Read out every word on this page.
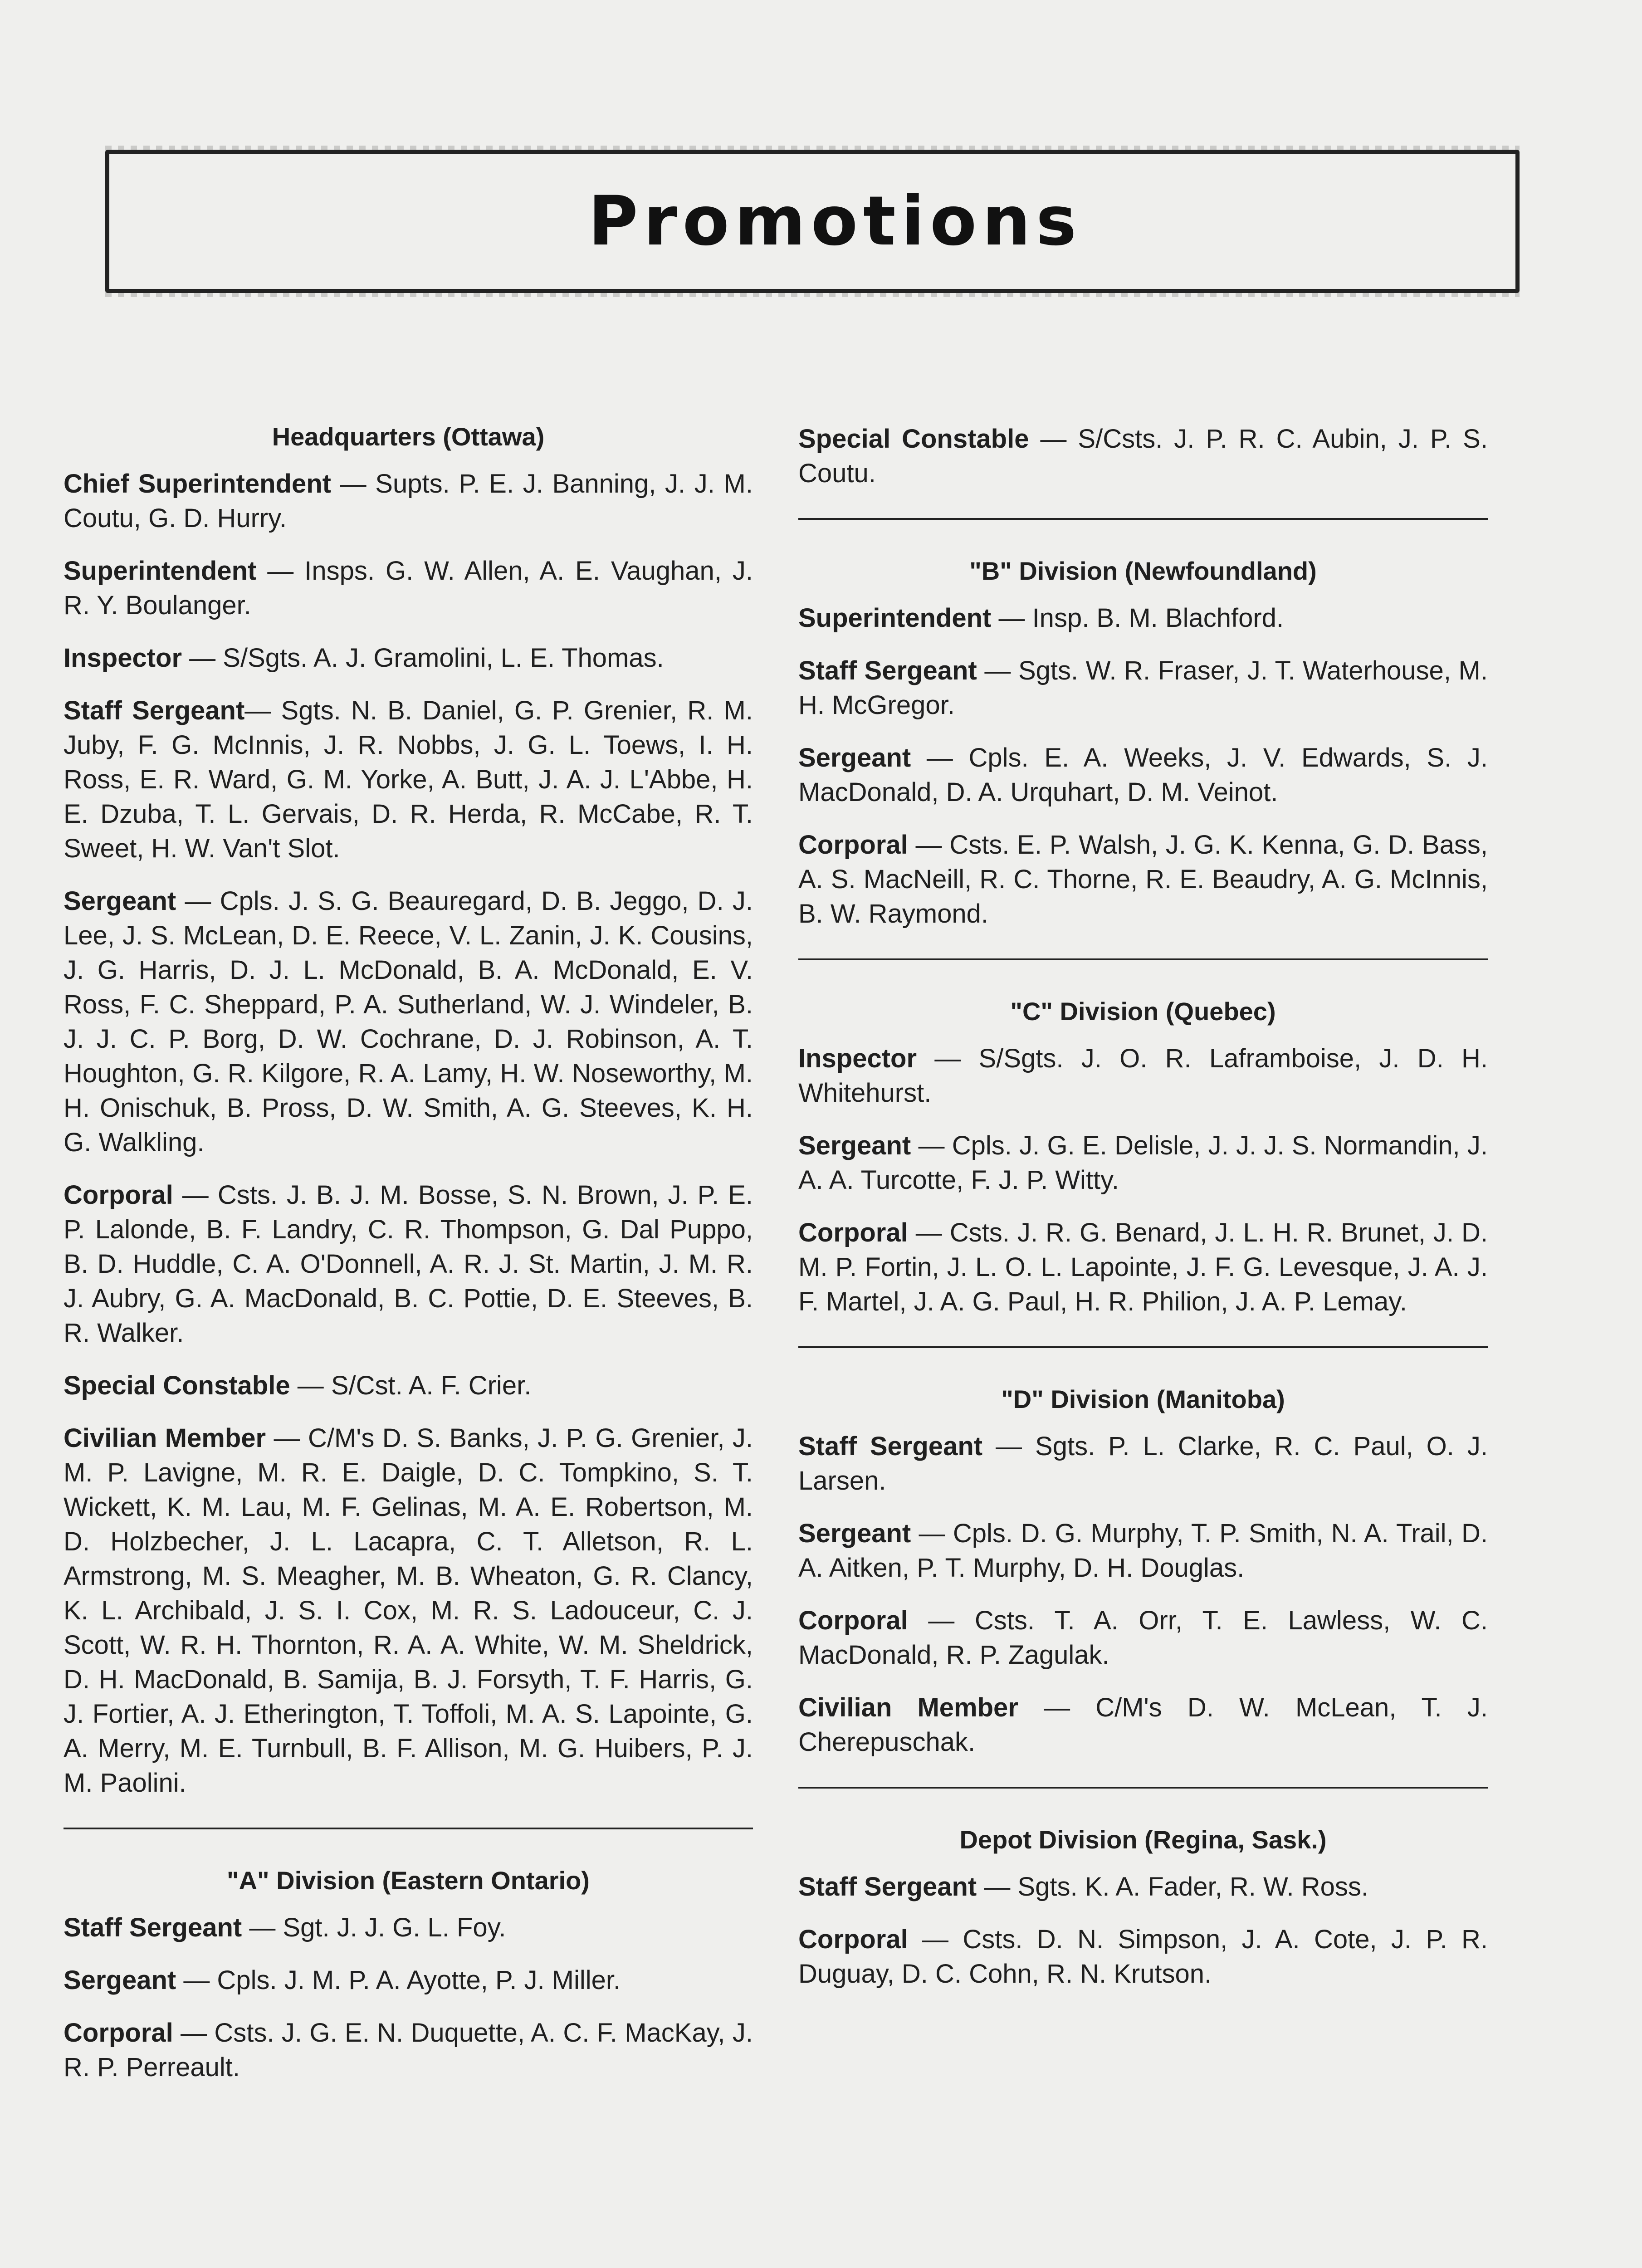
Promotions
Headquarters (Ottawa)
Chief Superintendent — Supts. P. E. J. Banning, J. J. M. Coutu, G. D. Hurry.
Superintendent — Insps. G. W. Allen, A. E. Vaughan, J. R. Y. Boulanger.
Inspector — S/Sgts. A. J. Gramolini, L. E. Thomas.
Staff Sergeant— Sgts. N. B. Daniel, G. P. Grenier, R. M. Juby, F. G. McInnis, J. R. Nobbs, J. G. L. Toews, I. H. Ross, E. R. Ward, G. M. Yorke, A. Butt, J. A. J. L'Abbe, H. E. Dzuba, T. L. Gervais, D. R. Herda, R. McCabe, R. T. Sweet, H. W. Van't Slot.
Sergeant — Cpls. J. S. G. Beauregard, D. B. Jeggo, D. J. Lee, J. S. McLean, D. E. Reece, V. L. Zanin, J. K. Cousins, J. G. Harris, D. J. L. McDonald, B. A. McDonald, E. V. Ross, F. C. Sheppard, P. A. Sutherland, W. J. Windeler, B. J. J. C. P. Borg, D. W. Cochrane, D. J. Robinson, A. T. Houghton, G. R. Kilgore, R. A. Lamy, H. W. Noseworthy, M. H. Onischuk, B. Pross, D. W. Smith, A. G. Steeves, K. H. G. Walkling.
Corporal — Csts. J. B. J. M. Bosse, S. N. Brown, J. P. E. P. Lalonde, B. F. Landry, C. R. Thompson, G. Dal Puppo, B. D. Huddle, C. A. O'Donnell, A. R. J. St. Martin, J. M. R. J. Aubry, G. A. MacDonald, B. C. Pottie, D. E. Steeves, B. R. Walker.
Special Constable — S/Cst. A. F. Crier.
Civilian Member — C/M's D. S. Banks, J. P. G. Grenier, J. M. P. Lavigne, M. R. E. Daigle, D. C. Tompkino, S. T. Wickett, K. M. Lau, M. F. Gelinas, M. A. E. Robertson, M. D. Holzbecher, J. L. Lacapra, C. T. Alletson, R. L. Armstrong, M. S. Meagher, M. B. Wheaton, G. R. Clancy, K. L. Archibald, J. S. I. Cox, M. R. S. Ladouceur, C. J. Scott, W. R. H. Thornton, R. A. A. White, W. M. Sheldrick, D. H. MacDonald, B. Samija, B. J. Forsyth, T. F. Harris, G. J. Fortier, A. J. Etherington, T. Toffoli, M. A. S. Lapointe, G. A. Merry, M. E. Turnbull, B. F. Allison, M. G. Huibers, P. J. M. Paolini.
"A" Division (Eastern Ontario)
Staff Sergeant — Sgt. J. J. G. L. Foy.
Sergeant — Cpls. J. M. P. A. Ayotte, P. J. Miller.
Corporal — Csts. J. G. E. N. Duquette, A. C. F. MacKay, J. R. P. Perreault.
Special Constable — S/Csts. J. P. R. C. Aubin, J. P. S. Coutu.
"B" Division (Newfoundland)
Superintendent — Insp. B. M. Blachford.
Staff Sergeant — Sgts. W. R. Fraser, J. T. Waterhouse, M. H. McGregor.
Sergeant — Cpls. E. A. Weeks, J. V. Edwards, S. J. MacDonald, D. A. Urquhart, D. M. Veinot.
Corporal — Csts. E. P. Walsh, J. G. K. Kenna, G. D. Bass, A. S. MacNeill, R. C. Thorne, R. E. Beaudry, A. G. McInnis, B. W. Raymond.
"C" Division (Quebec)
Inspector — S/Sgts. J. O. R. Laframboise, J. D. H. Whitehurst.
Sergeant — Cpls. J. G. E. Delisle, J. J. J. S. Normandin, J. A. A. Turcotte, F. J. P. Witty.
Corporal — Csts. J. R. G. Benard, J. L. H. R. Brunet, J. D. M. P. Fortin, J. L. O. L. Lapointe, J. F. G. Levesque, J. A. J. F. Martel, J. A. G. Paul, H. R. Philion, J. A. P. Lemay.
"D" Division (Manitoba)
Staff Sergeant — Sgts. P. L. Clarke, R. C. Paul, O. J. Larsen.
Sergeant — Cpls. D. G. Murphy, T. P. Smith, N. A. Trail, D. A. Aitken, P. T. Murphy, D. H. Douglas.
Corporal — Csts. T. A. Orr, T. E. Lawless, W. C. MacDonald, R. P. Zagulak.
Civilian Member — C/M's D. W. McLean, T. J. Cherepuschak.
Depot Division (Regina, Sask.)
Staff Sergeant — Sgts. K. A. Fader, R. W. Ross.
Corporal — Csts. D. N. Simpson, J. A. Cote, J. P. R. Duguay, D. C. Cohn, R. N. Krutson.
